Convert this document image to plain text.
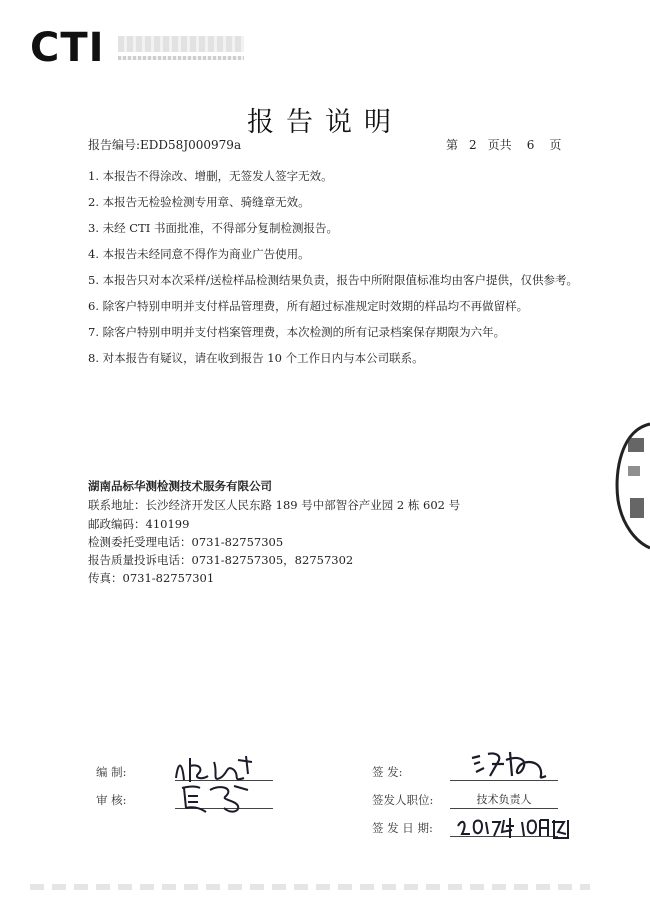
CTI
报告说明
报告编号:EDD58J000979a	第 2 页共 6 页
1. 本报告不得涂改、增删，无签发人签字无效。
2. 本报告无检验检测专用章、骑缝章无效。
3. 未经 CTI 书面批准，不得部分复制检测报告。
4. 本报告未经同意不得作为商业广告使用。
5. 本报告只对本次采样/送检样品检测结果负责，报告中所附限值标准均由客户提供，仅供参考。
6. 除客户特别申明并支付样品管理费，所有超过标准规定时效期的样品均不再做留样。
7. 除客户特别申明并支付档案管理费，本次检测的所有记录档案保存期限为六年。
8. 对本报告有疑议，请在收到报告 10 个工作日内与本公司联系。
湖南品标华测检测技术服务有限公司
联系地址：长沙经济开发区人民东路 189 号中部智谷产业园 2 栋 602 号
邮政编码：410199
检测委托受理电话：0731-82757305
报告质量投诉电话：0731-82757305，82757302
传真：0731-82757301
编 制:
审 核:
签 发:
签发人职位:	技术负责人
签 发 日 期:
